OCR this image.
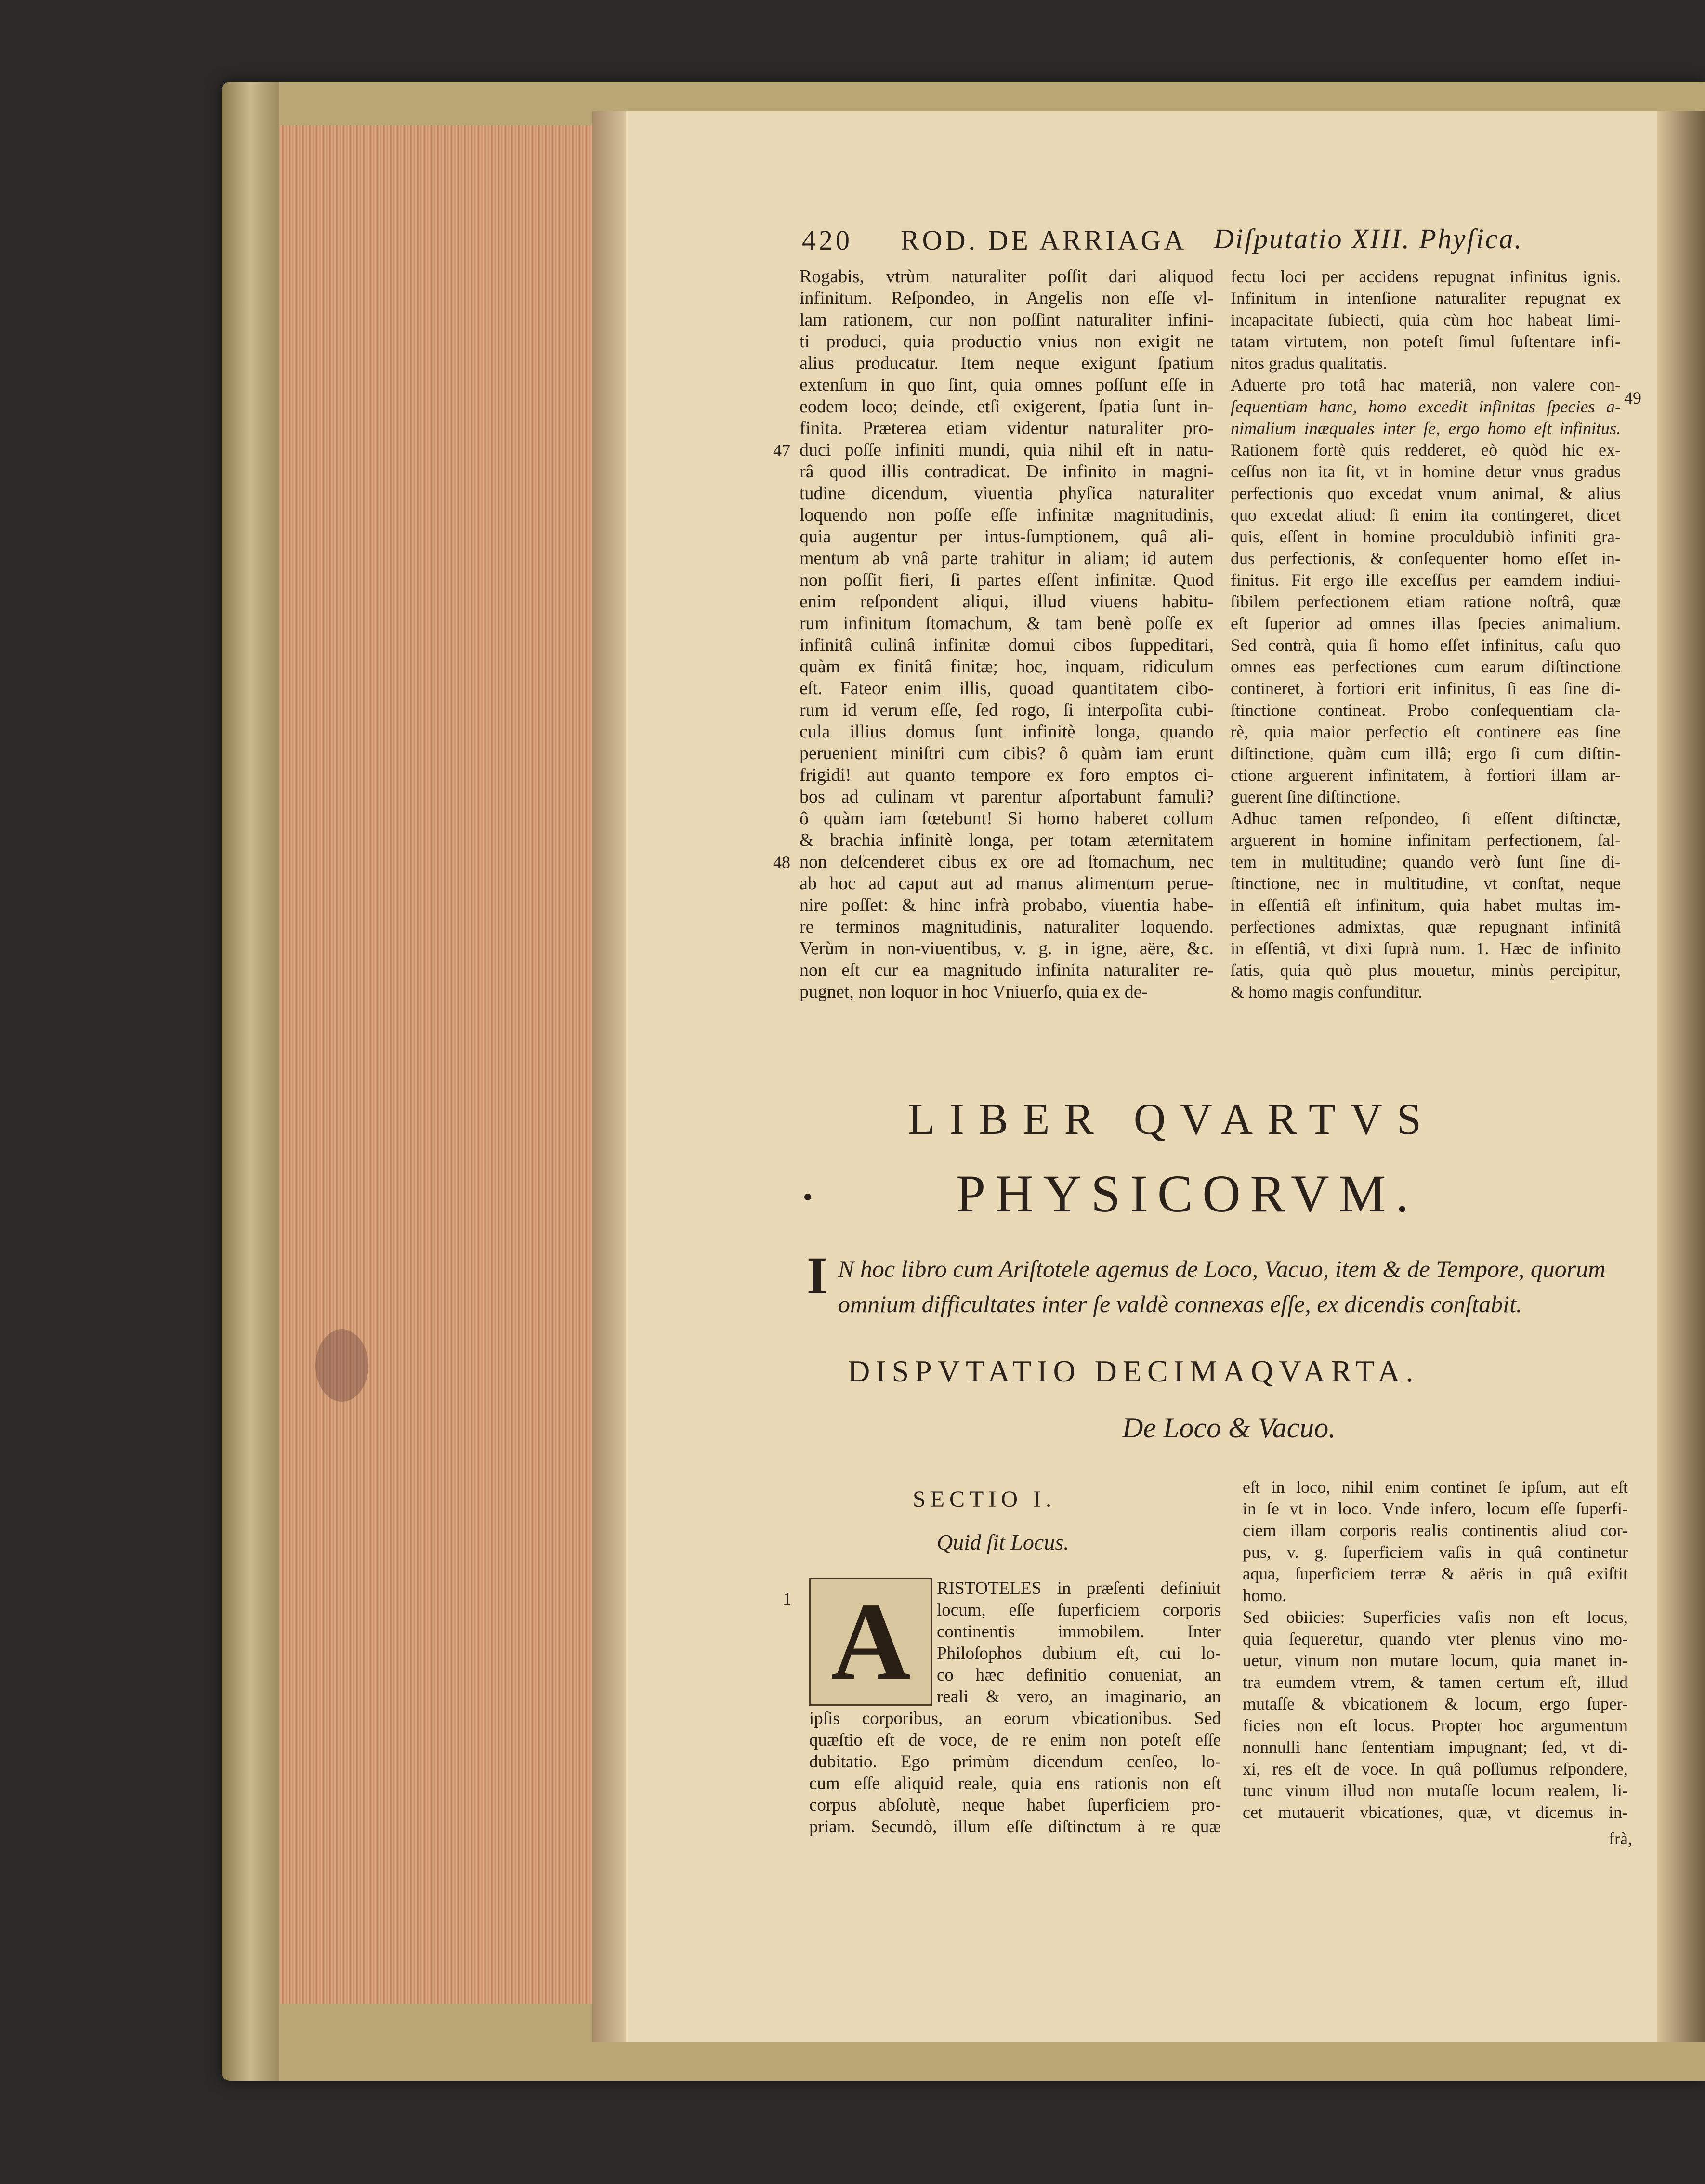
420 ROD. DE ARRIAGA Diſputatio XIII. Phyſica.
47
48
49
Rogabis, vtrùm naturaliter poſſit dari aliquod
infinitum. Reſpondeo, in Angelis non eſſe vl-
lam rationem, cur non poſſint naturaliter infini-
ti produci, quia productio vnius non exigit ne
alius producatur. Item neque exigunt ſpatium
extenſum in quo ſint, quia omnes poſſunt eſſe in
eodem loco; deinde, etſi exigerent, ſpatia ſunt in-
finita. Præterea etiam videntur naturaliter pro-
duci poſſe infiniti mundi, quia nihil eſt in natu-
râ quod illis contradicat. De infinito in magni-
tudine dicendum, viuentia phyſica naturaliter
loquendo non poſſe eſſe infinitæ magnitudinis,
quia augentur per intus-ſumptionem, quâ ali-
mentum ab vnâ parte trahitur in aliam; id autem
non poſſit fieri, ſi partes eſſent infinitæ. Quod
enim reſpondent aliqui, illud viuens habitu-
rum infinitum ſtomachum, & tam benè poſſe ex
infinitâ culinâ infinitæ domui cibos ſuppeditari,
quàm ex finitâ finitæ; hoc, inquam, ridiculum
eſt. Fateor enim illis, quoad quantitatem cibo-
rum id verum eſſe, ſed rogo, ſi interpoſita cubi-
cula illius domus ſunt infinitè longa, quando
peruenient miniſtri cum cibis? ô quàm iam erunt
frigidi! aut quanto tempore ex foro emptos ci-
bos ad culinam vt parentur aſportabunt famuli?
ô quàm iam fœtebunt! Si homo haberet collum
& brachia infinitè longa, per totam æternitatem
non deſcenderet cibus ex ore ad ſtomachum, nec
ab hoc ad caput aut ad manus alimentum perue-
nire poſſet: & hinc infrà probabo, viuentia habe-
re terminos magnitudinis, naturaliter loquendo.
Verùm in non-viuentibus, v. g. in igne, aëre, &c.
non eſt cur ea magnitudo infinita naturaliter re-
pugnet, non loquor in hoc Vniuerſo, quia ex de-
fectu loci per accidens repugnat infinitus ignis.
Infinitum in intenſione naturaliter repugnat ex
incapacitate ſubiecti, quia cùm hoc habeat limi-
tatam virtutem, non poteſt ſimul ſuſtentare infi-
nitos gradus qualitatis.
Aduerte pro totâ hac materiâ, non valere con-
ſequentiam hanc, homo excedit infinitas ſpecies a-
nimalium inæquales inter ſe, ergo homo eſt infinitus.
Rationem fortè quis redderet, eò quòd hic ex-
ceſſus non ita ſit, vt in homine detur vnus gradus
perfectionis quo excedat vnum animal, & alius
quo excedat aliud: ſi enim ita contingeret, dicet
quis, eſſent in homine proculdubiò infiniti gra-
dus perfectionis, & conſequenter homo eſſet in-
finitus. Fit ergo ille exceſſus per eamdem indiui-
ſibilem perfectionem etiam ratione noſtrâ, quæ
eſt ſuperior ad omnes illas ſpecies animalium.
Sed contrà, quia ſi homo eſſet infinitus, caſu quo
omnes eas perfectiones cum earum diſtinctione
contineret, à fortiori erit infinitus, ſi eas ſine di-
ſtinctione contineat. Probo conſequentiam cla-
rè, quia maior perfectio eſt continere eas ſine
diſtinctione, quàm cum illâ; ergo ſi cum diſtin-
ctione arguerent infinitatem, à fortiori illam ar-
guerent ſine diſtinctione.
Adhuc tamen reſpondeo, ſi eſſent diſtinctæ,
arguerent in homine infinitam perfectionem, ſal-
tem in multitudine; quando verò ſunt ſine di-
ſtinctione, nec in multitudine, vt conſtat, neque
in eſſentiâ eſt infinitum, quia habet multas im-
perfectiones admixtas, quæ repugnant infinitâ
in eſſentiâ, vt dixi ſuprà num. 1. Hæc de infinito
ſatis, quia quò plus mouetur, minùs percipitur,
& homo magis confunditur.
LIBER QVARTVS
PHYSICORVM.
I N hoc libro cum Ariſtotele agemus de Loco, Vacuo, item & de Tempore, quorum
omnium difficultates inter ſe valdè connexas eſſe, ex dicendis conſtabit.
DISPVTATIO DECIMAQVARTA.
De Loco & Vacuo.
SECTIO I.
Quid ſit Locus.
1 A	RISTOTELES in præſenti definiuit
locum, eſſe ſuperficiem corporis
continentis immobilem. Inter
Philoſophos dubium eſt, cui lo-
co hæc definitio conueniat, an
reali & vero, an imaginario, an
ipſis corporibus, an eorum vbicationibus. Sed
quæſtio eſt de voce, de re enim non poteſt eſſe
dubitatio. Ego primùm dicendum cenſeo, lo-
cum eſſe aliquid reale, quia ens rationis non eſt
corpus abſolutè, neque habet ſuperficiem pro-
priam. Secundò, illum eſſe diſtinctum à re quæ
eſt in loco, nihil enim continet ſe ipſum, aut eſt
in ſe vt in loco. Vnde infero, locum eſſe ſuperfi-
ciem illam corporis realis continentis aliud cor-
pus, v. g. ſuperficiem vaſis in quâ continetur
aqua, ſuperficiem terræ & aëris in quâ exiſtit
homo.
Sed obiicies: Superficies vaſis non eſt locus,
quia ſequeretur, quando vter plenus vino mo-
uetur, vinum non mutare locum, quia manet in-
tra eumdem vtrem, & tamen certum eſt, illud
mutaſſe & vbicationem & locum, ergo ſuper-
ficies non eſt locus. Propter hoc argumentum
nonnulli hanc ſententiam impugnant; ſed, vt di-
xi, res eſt de voce. In quâ poſſumus reſpondere,
tunc vinum illud non mutaſſe locum realem, li-
cet mutauerit vbicationes, quæ, vt dicemus in-
frà,
